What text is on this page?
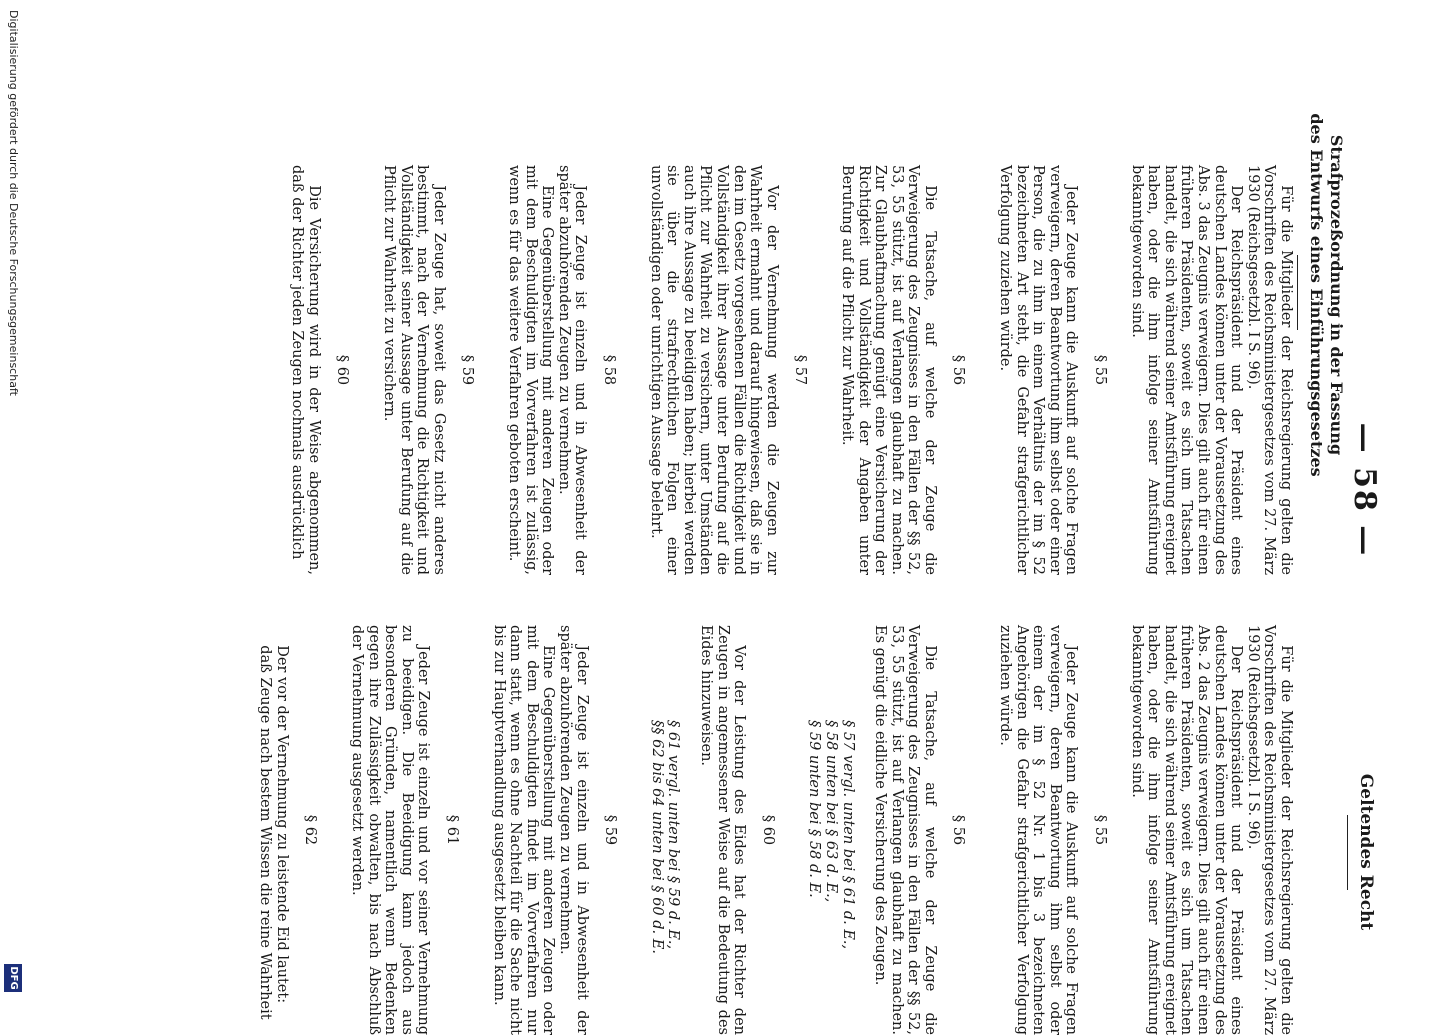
— 58 —
Geltendes Recht
Strafprozeßordnung in der Fassung
des Entwurfs eines Einführungsgesetzes

Für die Mitglieder der Reichsregierung gelten die Vorschriften des Reichsministergesetzes vom 27. März 1930 (Reichsgesetzbl. I S. 96).

Der Reichspräsident und der Präsident eines deutschen Landes können unter der Voraussetzung des Abs. 3 das Zeugnis verweigern. Dies gilt auch für einen früheren Präsidenten, soweit es sich um Tatsachen handelt, die sich während seiner Amtsführung ereignet haben, oder die ihm infolge seiner Amtsführung bekanntgeworden sind.

§ 55

Jeder Zeuge kann die Auskunft auf solche Fragen verweigern, deren Beantwortung ihm selbst oder einer Person, die zu ihm in einem Verhältnis der im § 52 bezeichneten Art steht, die Gefahr strafgerichtlicher Verfolgung zuziehen würde.

§ 56

Die Tatsache, auf welche der Zeuge die Verweigerung des Zeugnisses in den Fällen der §§ 52, 53, 55 stützt, ist auf Verlangen glaubhaft zu machen. Zur Glaubhaftmachung genügt eine Versicherung der Richtigkeit und Vollständigkeit der Angaben unter Berufung auf die Pflicht zur Wahrheit.

§ 57

Vor der Vernehmung werden die Zeugen zur Wahrheit ermahnt und darauf hingewiesen, daß sie in den im Gesetz vorgesehenen Fällen die Richtigkeit und Vollständigkeit ihrer Aussage unter Berufung auf die Pflicht zur Wahrheit zu versichern, unter Umständen auch ihre Aussage zu beeidigen haben; hierbei werden sie über die strafrechtlichen Folgen einer unvollständigen oder unrichtigen Aussage belehrt.

§ 58

Jeder Zeuge ist einzeln und in Abwesenheit der später abzuhörenden Zeugen zu vernehmen.

Eine Gegenüberstellung mit anderen Zeugen oder mit dem Beschuldigten im Vorverfahren ist zulässig, wenn es für das weitere Verfahren geboten erscheint.

§ 59

Jeder Zeuge hat, soweit das Gesetz nicht anderes bestimmt, nach der Vernehmung die Richtigkeit und Vollständigkeit seiner Aussage unter Berufung auf die Pflicht zur Wahrheit zu versichern.

§ 60

Die Versicherung wird in der Weise abgenommen, daß der Richter jeden Zeugen nochmals ausdrücklich

Für die Mitglieder der Reichsregierung gelten die Vorschriften des Reichsministergesetzes vom 27. März 1930 (Reichsgesetzbl. I S. 96).

Der Reichspräsident und der Präsident eines deutschen Landes können unter der Voraussetzung des Abs. 2 das Zeugnis verweigern. Dies gilt auch für einen früheren Präsidenten, soweit es sich um Tatsachen handelt, die sich während seiner Amtsführung ereignet haben, oder die ihm infolge seiner Amtsführung bekanntgeworden sind.

§ 55

Jeder Zeuge kann die Auskunft auf solche Fragen verweigern, deren Beantwortung ihm selbst oder einem der im § 52 Nr. 1 bis 3 bezeichneten Angehörigen die Gefahr strafgerichtlicher Verfolgung zuziehen würde.

§ 56

Die Tatsache, auf welche der Zeuge die Verweigerung des Zeugnisses in den Fällen der §§ 52, 53, 55 stützt, ist auf Verlangen glaubhaft zu machen. Es genügt die eidliche Versicherung des Zeugen.

§ 57 vergl. unten bei § 61 d. E.,
§ 58 unten bei § 63 d. E.,
§ 59 unten bei § 58 d. E.
§ 60

Vor der Leistung des Eides hat der Richter den Zeugen in angemessener Weise auf die Bedeutung des Eides hinzuweisen.

§ 61 vergl. unten bei § 59 d. E.,
§§ 62 bis 64 unten bei § 60 d. E.
§ 59

Jeder Zeuge ist einzeln und in Abwesenheit der später abzuhörenden Zeugen zu vernehmen.

Eine Gegenüberstellung mit anderen Zeugen oder mit dem Beschuldigten findet im Vorverfahren nur dann statt, wenn es ohne Nachteil für die Sache nicht bis zur Hauptverhandlung ausgesetzt bleiben kann.

§ 61

Jeder Zeuge ist einzeln und vor seiner Vernehmung zu beeidigen. Die Beeidigung kann jedoch aus besonderen Gründen, namentlich wenn Bedenken gegen ihre Zulässigkeit obwalten, bis nach Abschluß der Vernehmung ausgesetzt werden.

§ 62

Der vor der Vernehmung zu leistende Eid lautet:

daß Zeuge nach bestem Wissen die reine Wahrheit

Digitalisierung gefördert durch die Deutsche Forschungsgemeinschaft
DFG
